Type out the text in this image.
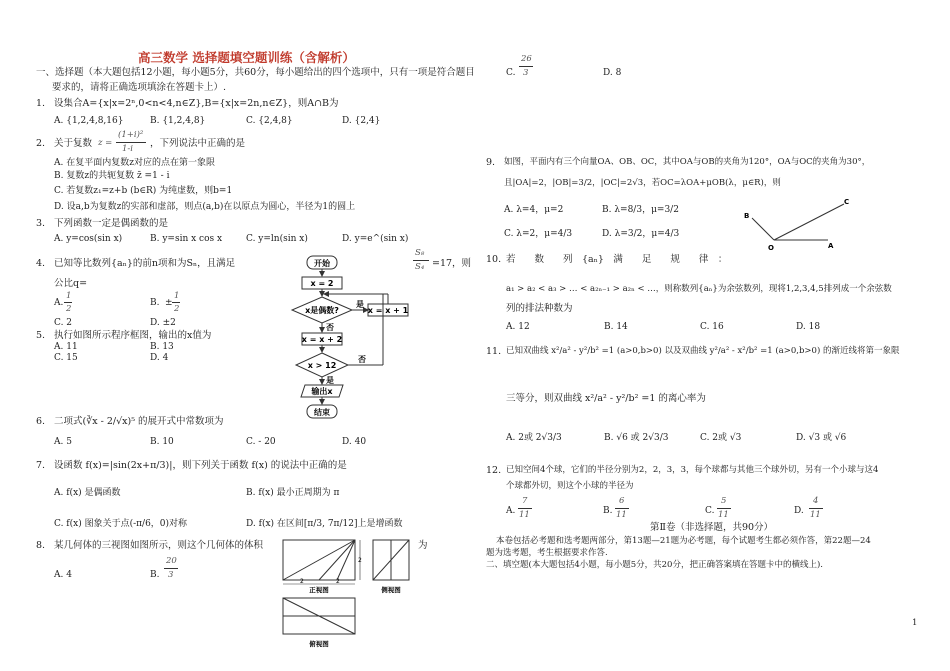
高三数学 选择题填空题训练（含解析）
一、选择题（本大题包括12小题，每小题5分，共60分，每小题给出的四个选项中，只有一项是符合题目
要求的，请将正确选项填涂在答题卡上）.
1. 设集合A={x|x=2ⁿ,0<n<4,n∈Z},B={x|x=2n,n∈Z}，则A∩B为
A. {1,2,4,8,16}	B. {1,2,4,8}	C. {2,4,8}	D. {2,4}
2. 关于复数 z =
(1+i)²
1-i ，下列说法中正确的是
A. 在复平面内复数z对应的点在第一象限
B. 复数z的共轭复数 z̄ =1 - i
C. 若复数z₁=z+b (b∈R) 为纯虚数，则b=1
D. 设a,b为复数z的实部和虚部，则点(a,b)在以原点为圆心，半径为1的圆上
3. 下列函数一定是偶函数的是
A. y=cos(sin x)	B. y=sin x cos x	C. y=ln(sin x)	D. y=e^(sin x)
4. 已知等比数列{aₙ}的前n项和为Sₙ，且满足
S₈
S₄ =17，则
公比q=
A.
1
2
B. ±
1
2
C. 2	D. ±2
5. 执行如图所示程序框图，输出的x值为
A. 11	B. 13
C. 15	D. 4
开始
x = 2
x是偶数?
是
x = x + 1
否
x = x + 2
x > 12
否
是
输出x
结束
6. 二项式(∛x - 2/√x)⁵ 的展开式中常数项为
A. 5	B. 10	C. - 20	D. 40
7. 设函数 f(x)=|sin(2x+π/3)|，则下列关于函数 f(x) 的说法中正确的是
A. f(x) 是偶函数	B. f(x) 最小正周期为 π
C. f(x) 图象关于点(-π/6，0)对称	D. f(x) 在区间[π/3, 7π/12]上是增函数
8. 某几何体的三视图如图所示，则这个几何体的体积	为
A. 4	B.
20
3
2	2
2
正视图	侧视图
俯视图
C.
26
3	D. 8
9. 如图，平面内有三个向量OA、OB、OC，其中OA与OB的夹角为120°，OA与OC的夹角为30°，
且|OA|=2，|OB|=3/2，|OC|=2√3，若OC=λOA+μOB(λ，μ∈R)，则
A. λ=4，μ=2	B. λ=8/3，μ=3/2
C. λ=2，μ=4/3	D. λ=3/2，μ=4/3
O	A
B
C
10. 若　　数　　列　{aₙ}　满　　足　　规　　律　：
a₁ > a₂ < a₃ > … < a₂ₙ₋₁ > a₂ₙ < …，则称数列{aₙ}为余弦数列，现将1,2,3,4,5排列成一个余弦数
列的排法种数为
A. 12	B. 14	C. 16	D. 18
11. 已知双曲线 x²/a² - y²/b² =1 (a>0,b>0) 以及双曲线 y²/a² - x²/b² =1 (a>0,b>0) 的渐近线将第一象限
三等分，则双曲线 x²/a² - y²/b² =1 的离心率为
A. 2或 2√3/3	B. √6 或 2√3/3	C. 2或 √3	D. √3 或 √6
12. 已知空间4个球，它们的半径分别为2，2，3，3，每个球都与其他三个球外切，另有一个小球与这4
个球都外切，则这个小球的半径为
A.
7
11	B.
6
11	C.
5
11	D.
4
11
第Ⅱ卷（非选择题，共90分）
本卷包括必考题和选考题两部分，第13题—21题为必考题，每个试题考生都必须作答，第22题—24
题为选考题，考生根据要求作答.
二、填空题(本大题包括4小题，每小题5分，共20分，把正确答案填在答题卡中的横线上).
1
